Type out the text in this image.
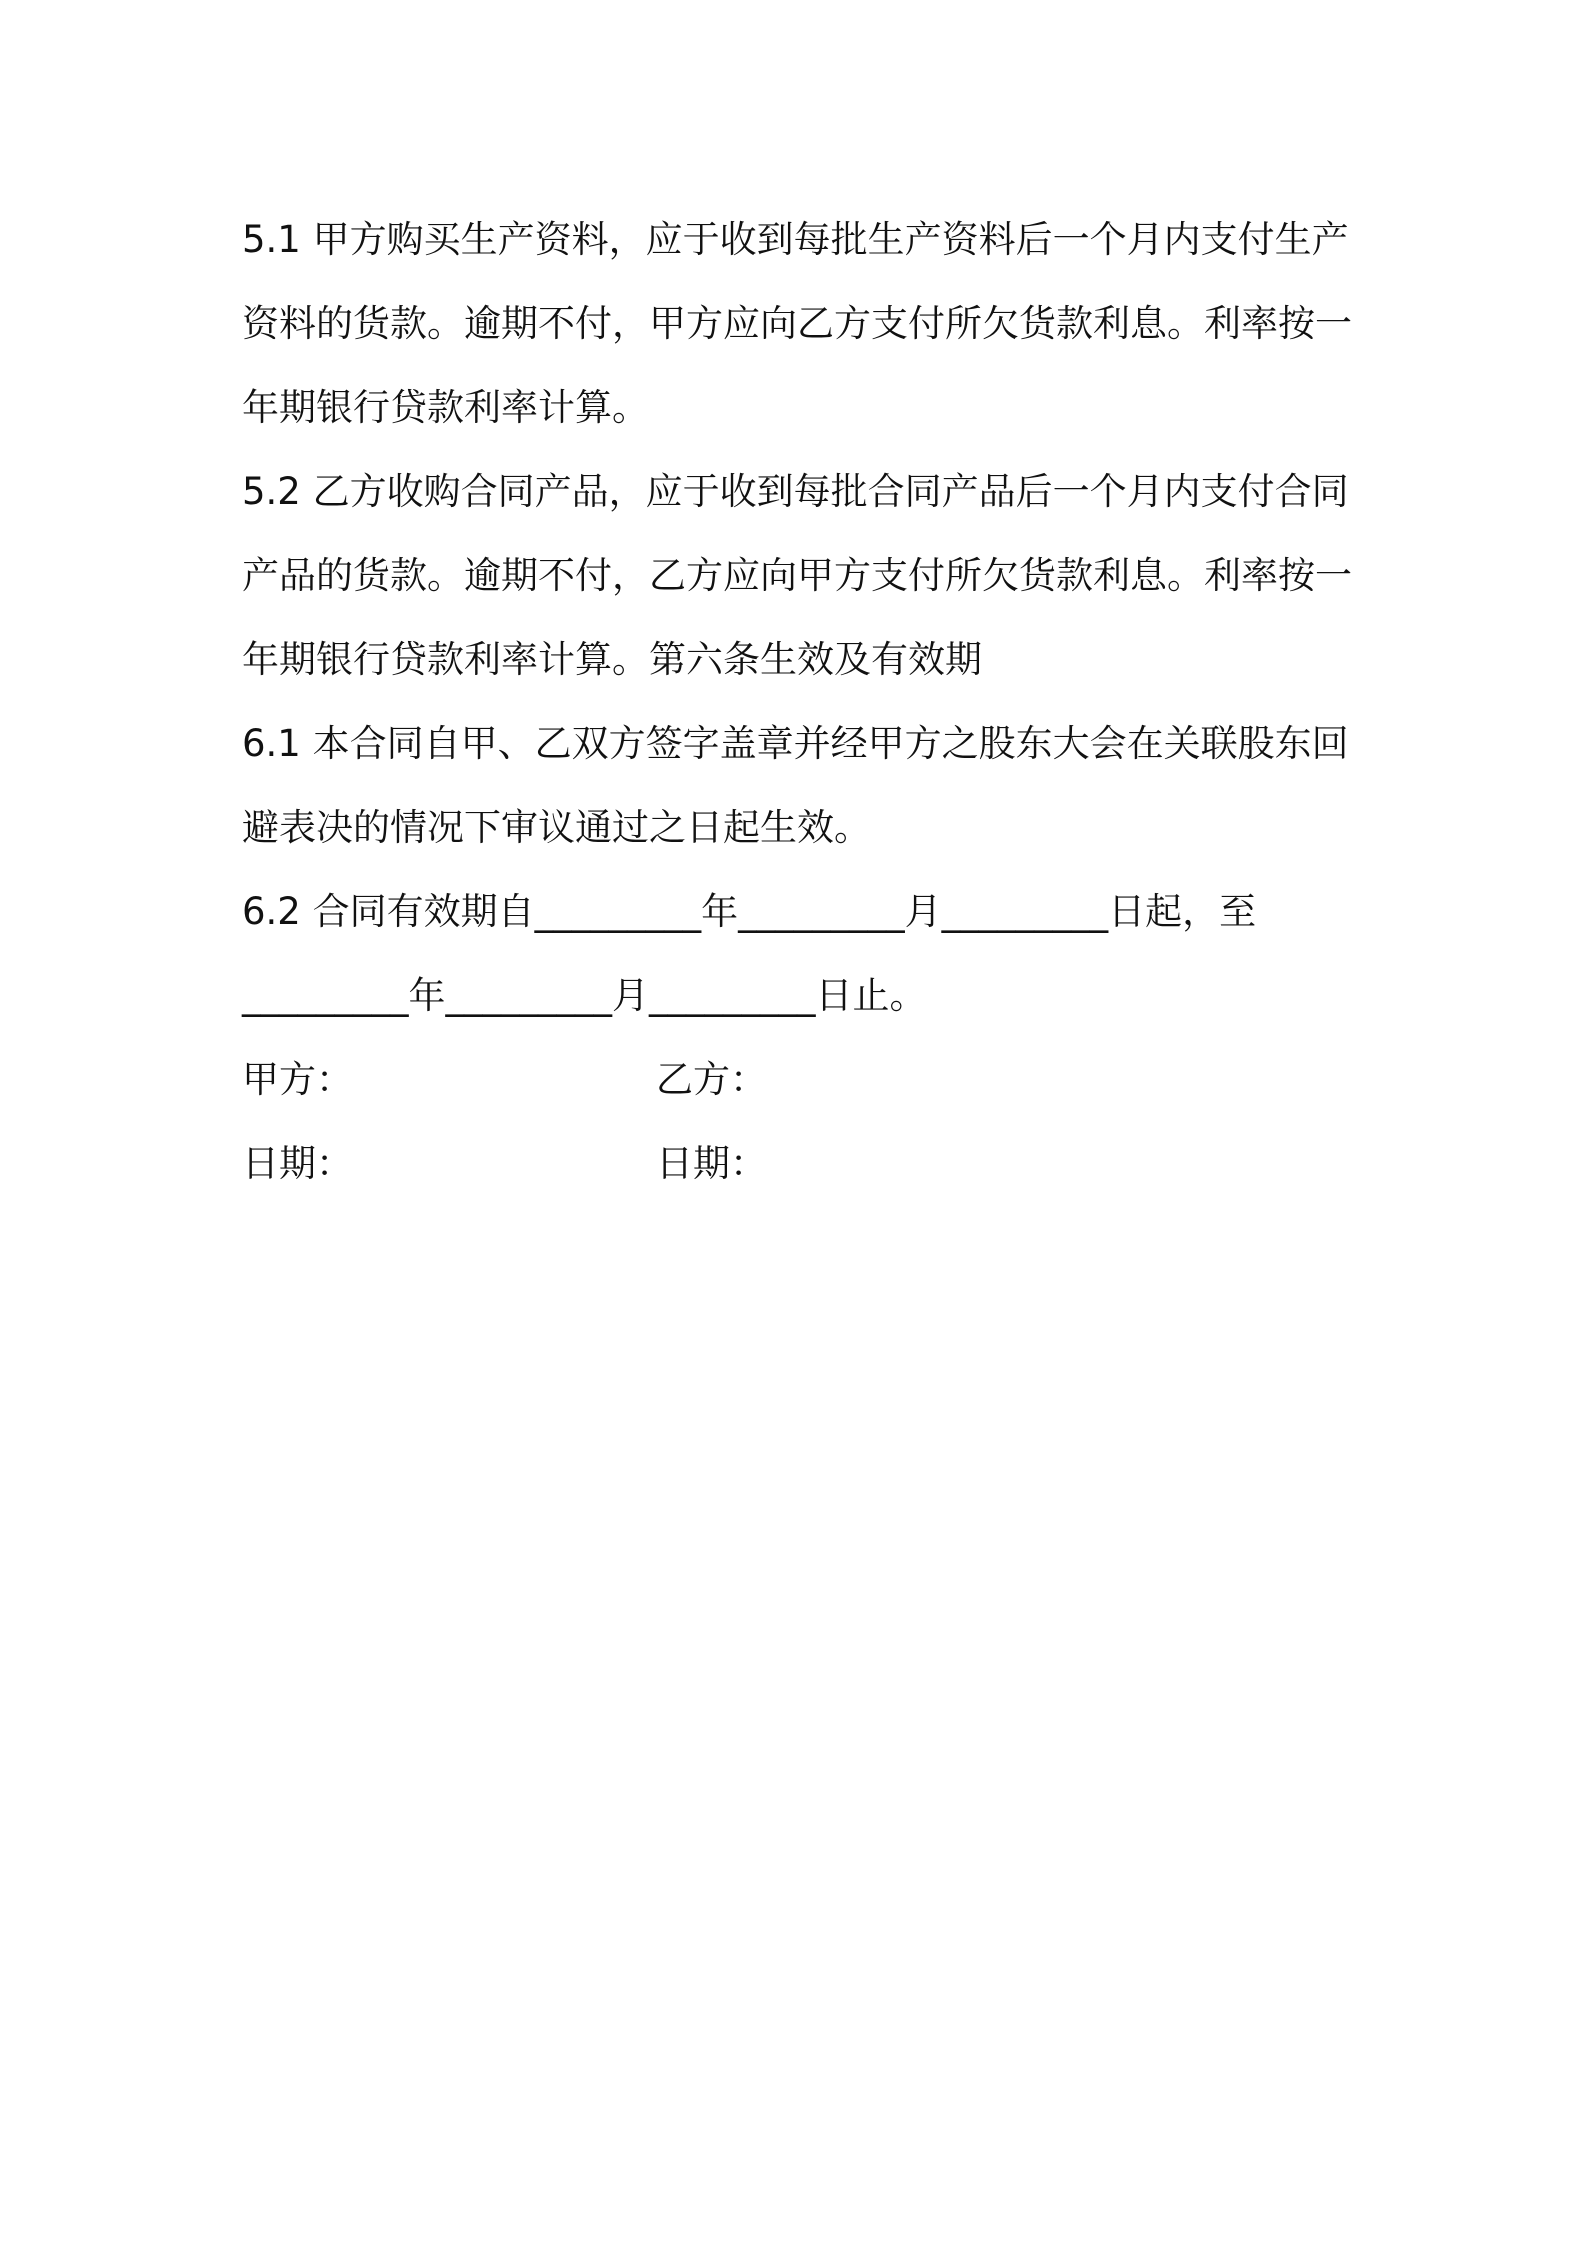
5.1 甲方购买生产资料，应于收到每批生产资料后一个月内支付生产
资料的货款。逾期不付，甲方应向乙方支付所欠货款利息。利率按一
年期银行贷款利率计算。
5.2 乙方收购合同产品，应于收到每批合同产品后一个月内支付合同
产品的货款。逾期不付，乙方应向甲方支付所欠货款利息。利率按一
年期银行贷款利率计算。第六条生效及有效期
6.1 本合同自甲、乙双方签字盖章并经甲方之股东大会在关联股东回
避表决的情况下审议通过之日起生效。
6.2 合同有效期自_________年_________月_________日起，至
_________年_________月_________日止。
甲方：	乙方：
日期：	日期：
